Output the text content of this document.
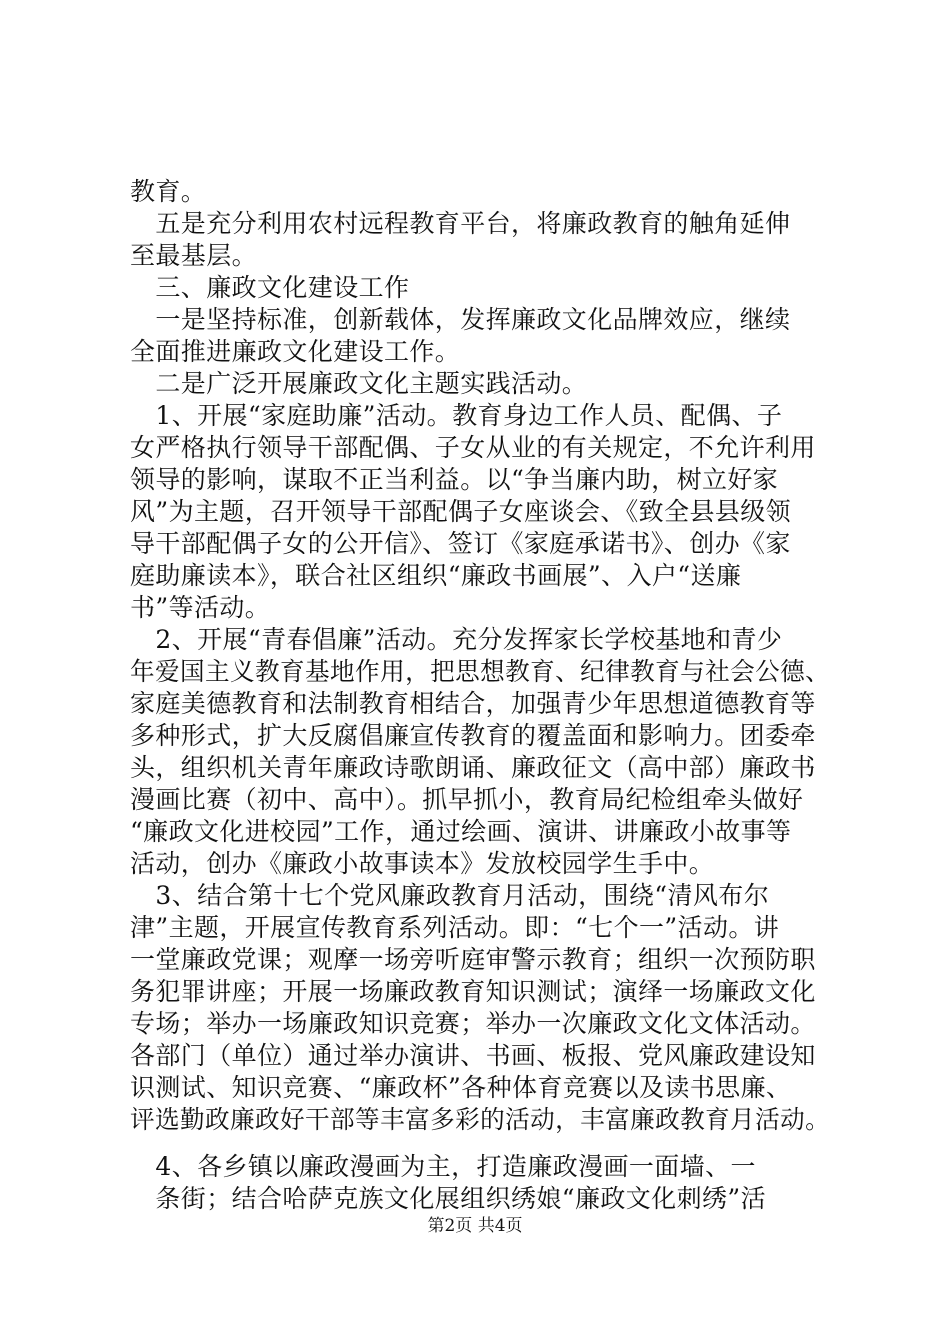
教育。
　五是充分利用农村远程教育平台，将廉政教育的触角延伸
至最基层。
　三、廉政文化建设工作
　一是坚持标准，创新载体，发挥廉政文化品牌效应，继续
全面推进廉政文化建设工作。
　二是广泛开展廉政文化主题实践活动。
　1、开展“家庭助廉”活动。教育身边工作人员、配偶、子
女严格执行领导干部配偶、子女从业的有关规定，不允许利用
领导的影响，谋取不正当利益。以“争当廉内助，树立好家
风”为主题，召开领导干部配偶子女座谈会、《致全县县级领
导干部配偶子女的公开信》、签订《家庭承诺书》、创办《家
庭助廉读本》，联合社区组织“廉政书画展”、入户“送廉
书”等活动。
　2、开展“青春倡廉”活动。充分发挥家长学校基地和青少
年爱国主义教育基地作用，把思想教育、纪律教育与社会公德、
家庭美德教育和法制教育相结合，加强青少年思想道德教育等
多种形式，扩大反腐倡廉宣传教育的覆盖面和影响力。团委牵
头，组织机关青年廉政诗歌朗诵、廉政征文（高中部）廉政书
漫画比赛（初中、高中）。抓早抓小，教育局纪检组牵头做好
“廉政文化进校园”工作，通过绘画、演讲、讲廉政小故事等
活动，创办《廉政小故事读本》发放校园学生手中。
　3、结合第十七个党风廉政教育月活动，围绕“清风布尔
津”主题，开展宣传教育系列活动。即：“七个一”活动。讲
一堂廉政党课；观摩一场旁听庭审警示教育；组织一次预防职
务犯罪讲座；开展一场廉政教育知识测试；演绎一场廉政文化
专场；举办一场廉政知识竞赛；举办一次廉政文化文体活动。
各部门（单位）通过举办演讲、书画、板报、党风廉政建设知
识测试、知识竞赛、“廉政杯”各种体育竞赛以及读书思廉、
评选勤政廉政好干部等丰富多彩的活动，丰富廉政教育月活动。
　4、各乡镇以廉政漫画为主，打造廉政漫画一面墙、一
　条街；结合哈萨克族文化展组织绣娘“廉政文化刺绣”活
第2页 共4页
